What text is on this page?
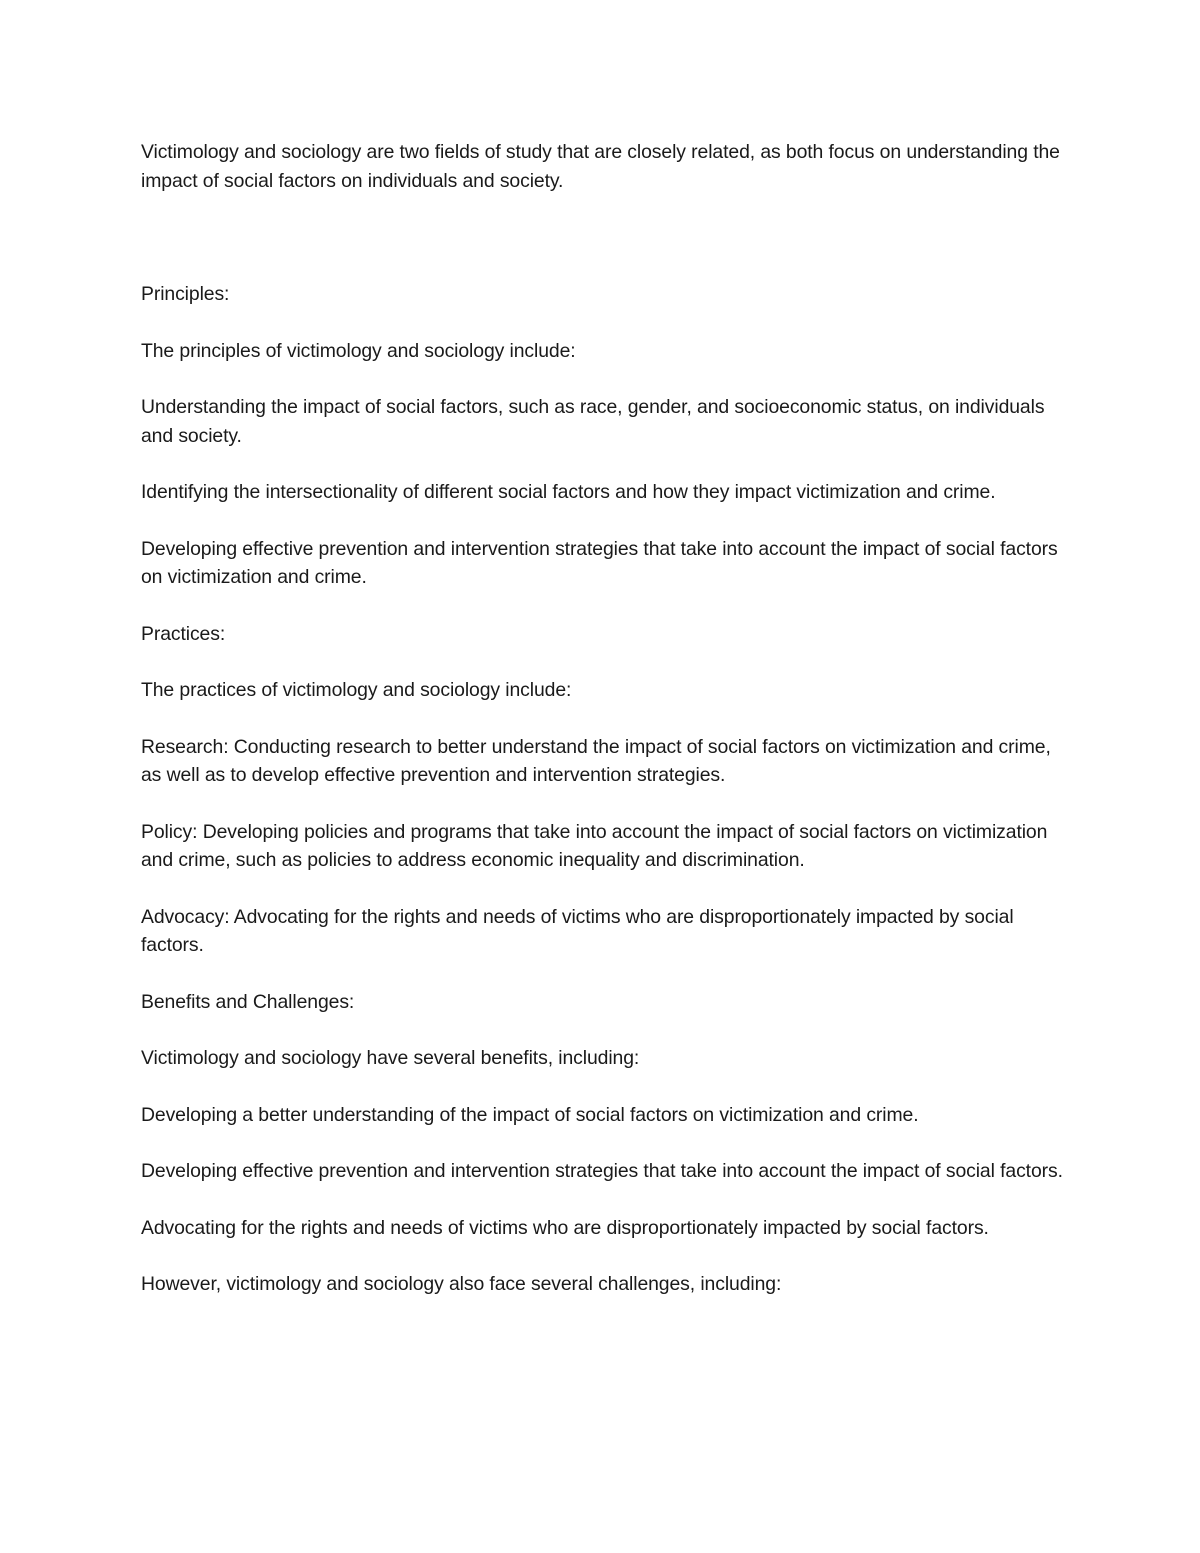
Victimology and sociology are two fields of study that are closely related, as both focus on understanding the impact of social factors on individuals and society.

Principles:

The principles of victimology and sociology include:

Understanding the impact of social factors, such as race, gender, and socioeconomic status, on individuals and society.

Identifying the intersectionality of different social factors and how they impact victimization and crime.

Developing effective prevention and intervention strategies that take into account the impact of social factors on victimization and crime.

Practices:

The practices of victimology and sociology include:

Research: Conducting research to better understand the impact of social factors on victimization and crime, as well as to develop effective prevention and intervention strategies.

Policy: Developing policies and programs that take into account the impact of social factors on victimization and crime, such as policies to address economic inequality and discrimination.

Advocacy: Advocating for the rights and needs of victims who are disproportionately impacted by social factors.

Benefits and Challenges:

Victimology and sociology have several benefits, including:

Developing a better understanding of the impact of social factors on victimization and crime.

Developing effective prevention and intervention strategies that take into account the impact of social factors.

Advocating for the rights and needs of victims who are disproportionately impacted by social factors.

However, victimology and sociology also face several challenges, including:
